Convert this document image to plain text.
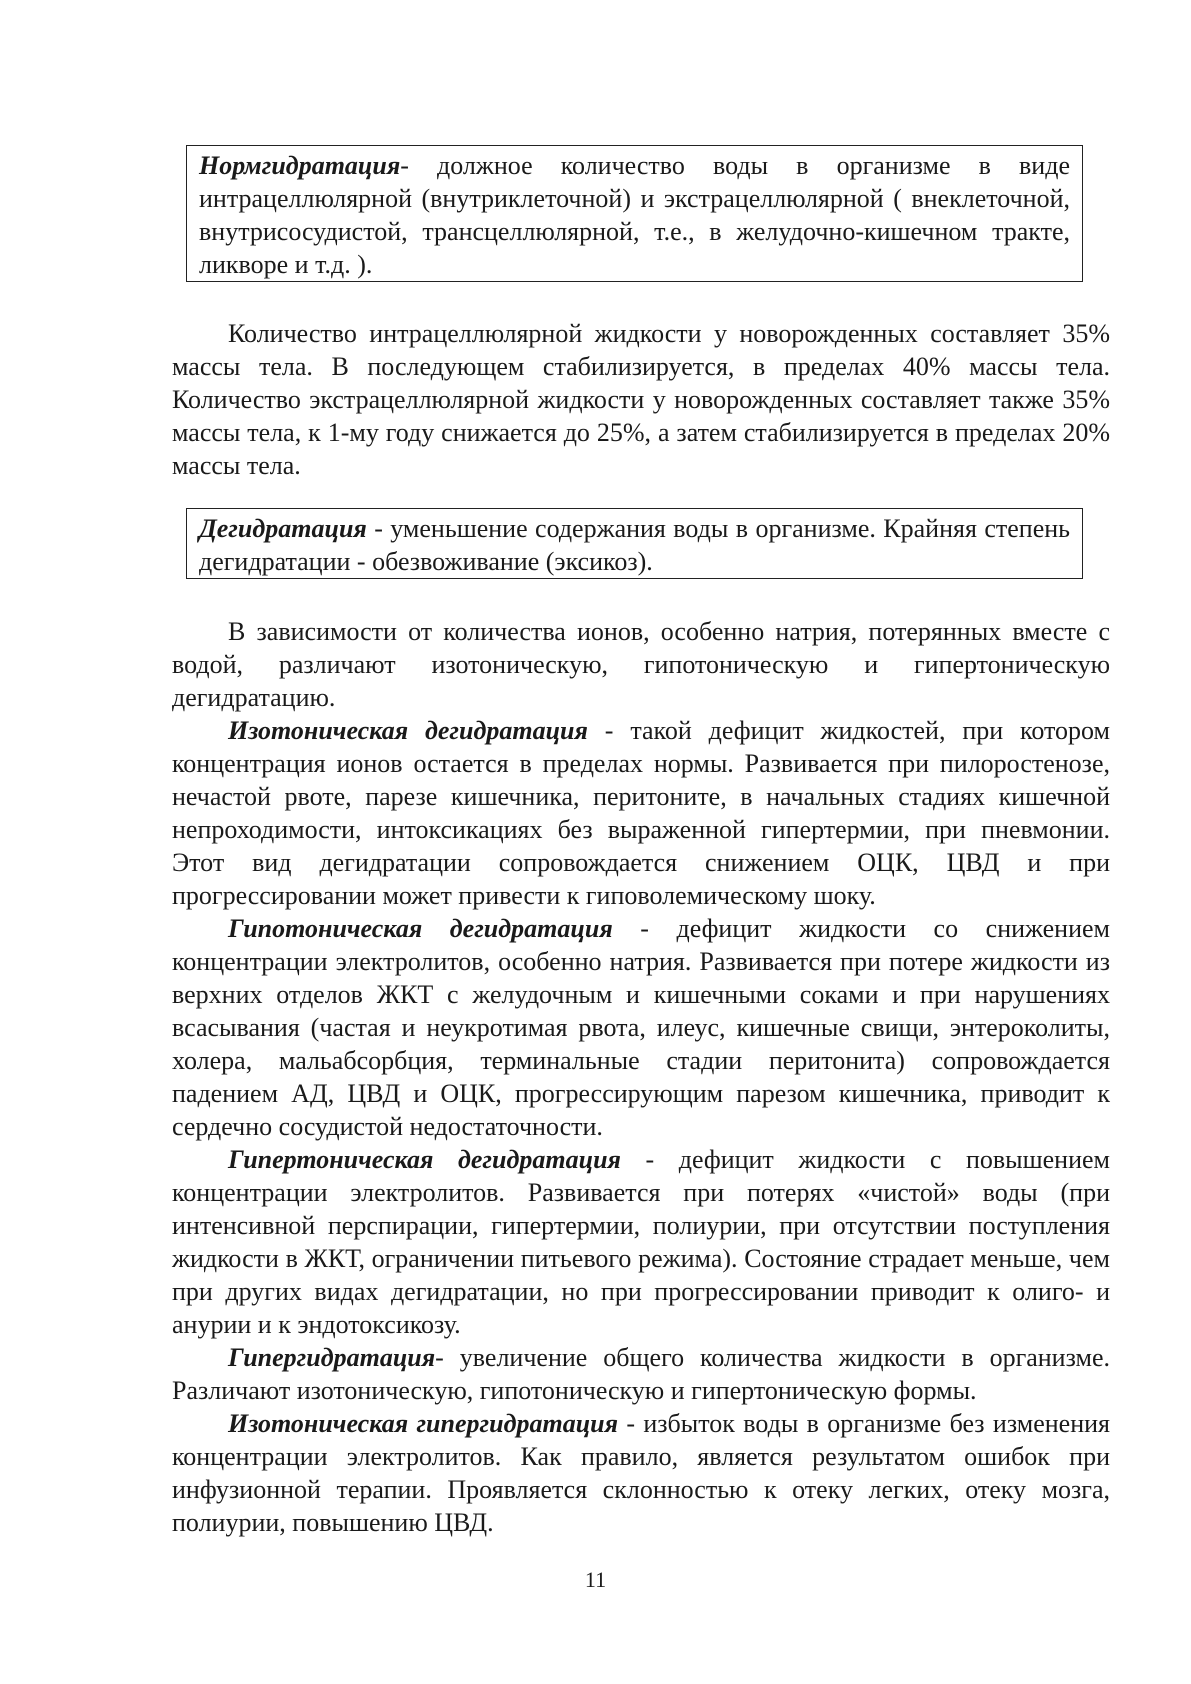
Нормгидратация- должное количество воды в организме в виде интрацеллюлярной (внутриклеточной) и экстрацеллюлярной ( внеклеточной, внутрисосудистой, трансцеллюлярной, т.е., в желудочно-кишечном тракте, ликворе и т.д. ).

Количество интрацеллюлярной жидкости у новорожденных составляет 35% массы тела. В последующем стабилизируется, в пределах 40% массы тела. Количество экстрацеллюлярной жидкости у новорожденных составляет также 35% массы тела, к 1-му году снижается до 25%, а затем стабилизируется в пределах 20% массы тела.

Дегидратация - уменьшение содержания воды в организме. Крайняя степень дегидратации - обезвоживание (эксикоз).

В зависимости от количества ионов, особенно натрия, потерянных вместе с водой, различают изотоническую, гипотоническую и гипертоническую дегидратацию.

Изотоническая дегидратация - такой дефицит жидкостей, при котором концентрация ионов остается в пределах нормы. Развивается при пилоростенозе, нечастой рвоте, парезе кишечника, перитоните, в начальных стадиях кишечной непроходимости, интоксикациях без выраженной гипертермии, при пневмонии. Этот вид дегидратации сопровождается снижением ОЦК, ЦВД и при прогрессировании может привести к гиповолемическому шоку.

Гипотоническая дегидратация - дефицит жидкости со снижением концентрации электролитов, особенно натрия. Развивается при потере жидкости из верхних отделов ЖКТ с желудочным и кишечными соками и при нарушениях всасывания (частая и неукротимая рвота, илеус, кишечные свищи, энтероколиты, холера, мальабсорбция, терминальные стадии перитонита) сопровождается падением АД, ЦВД и ОЦК, прогрессирующим парезом кишечника, приводит к сердечно сосудистой недостаточности.

Гипертоническая дегидратация - дефицит жидкости с повышением концентрации электролитов. Развивается при потерях «чистой» воды (при интенсивной перспирации, гипертермии, полиурии, при отсутствии поступления жидкости в ЖКТ, ограничении питьевого режима). Состояние страдает меньше, чем при других видах дегидратации, но при прогрессировании приводит к олиго- и анурии и к эндотоксикозу.

Гипергидратация- увеличение общего количества жидкости в организме. Различают изотоническую, гипотоническую и гипертоническую формы.

Изотоническая гипергидратация - избыток воды в организме без изменения концентрации электролитов. Как правило, является результатом ошибок при инфузионной терапии. Проявляется склонностью к отеку легких, отеку мозга, полиурии, повышению ЦВД.

11
